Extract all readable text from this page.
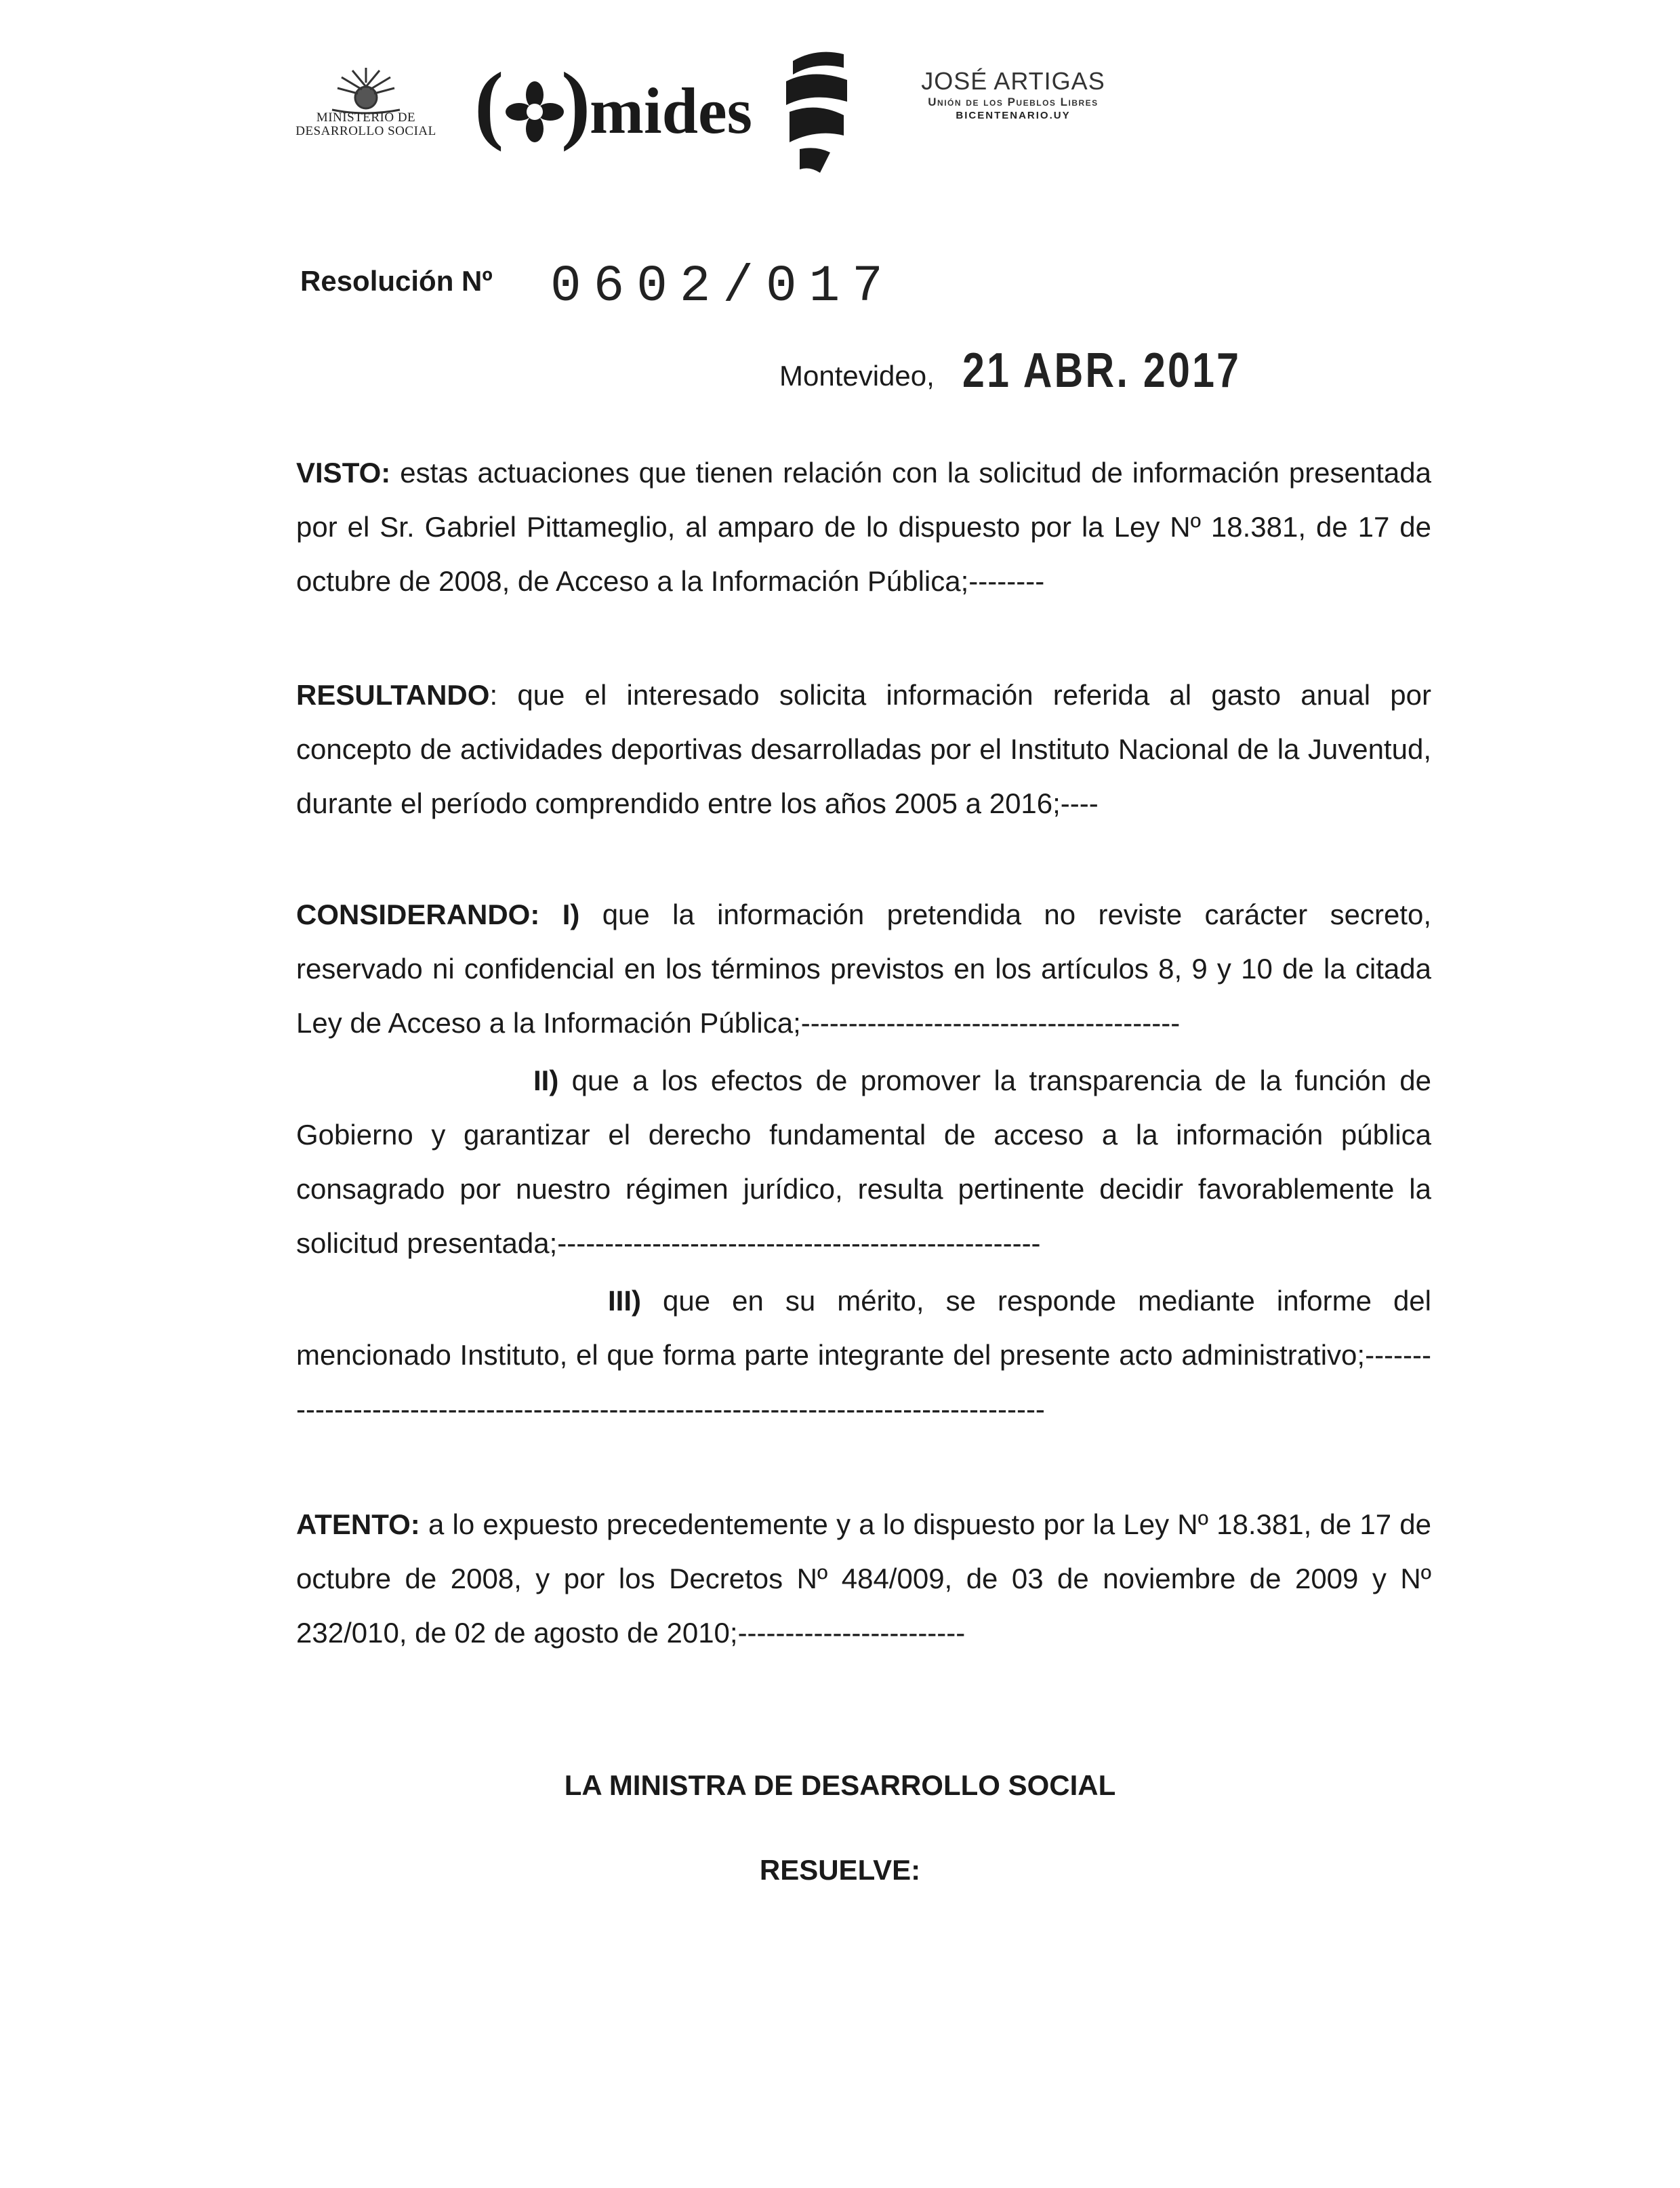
MINISTERIO DE
DESARROLLO SOCIAL ( )
mides	JOSÉ ARTIGAS
Unión de los Pueblos Libres
BICENTENARIO.UY
Resolución Nº 0602/017
Montevideo, 21 ABR. 2017
VISTO: estas actuaciones que tienen relación con la solicitud de información presentada por el Sr. Gabriel Pittameglio, al amparo de lo dispuesto por la Ley Nº 18.381, de 17 de octubre de 2008, de Acceso a la Información Pública;--------
RESULTANDO: que el interesado solicita información referida al gasto anual por concepto de actividades deportivas desarrolladas por el Instituto Nacional de la Juventud, durante el período comprendido entre los años 2005 a 2016;----
CONSIDERANDO: I) que la información pretendida no reviste carácter secreto, reservado ni confidencial en los términos previstos en los artículos 8, 9 y 10 de la citada Ley de Acceso a la Información Pública;----------------------------------------
II) que a los efectos de promover la transparencia de la función de Gobierno y garantizar el derecho fundamental de acceso a la información pública consagrado por nuestro régimen jurídico, resulta pertinente decidir favorablemente la solicitud presentada;---------------------------------------------------
III) que en su mérito, se responde mediante informe del mencionado Instituto, el que forma parte integrante del presente acto administrativo;--------------------------------------------------------------------------------------
ATENTO: a lo expuesto precedentemente y a lo dispuesto por la Ley Nº 18.381, de 17 de octubre de 2008, y por los Decretos Nº 484/009, de 03 de noviembre de 2009 y Nº 232/010, de 02 de agosto de 2010;------------------------
LA MINISTRA DE DESARROLLO SOCIAL
RESUELVE:
